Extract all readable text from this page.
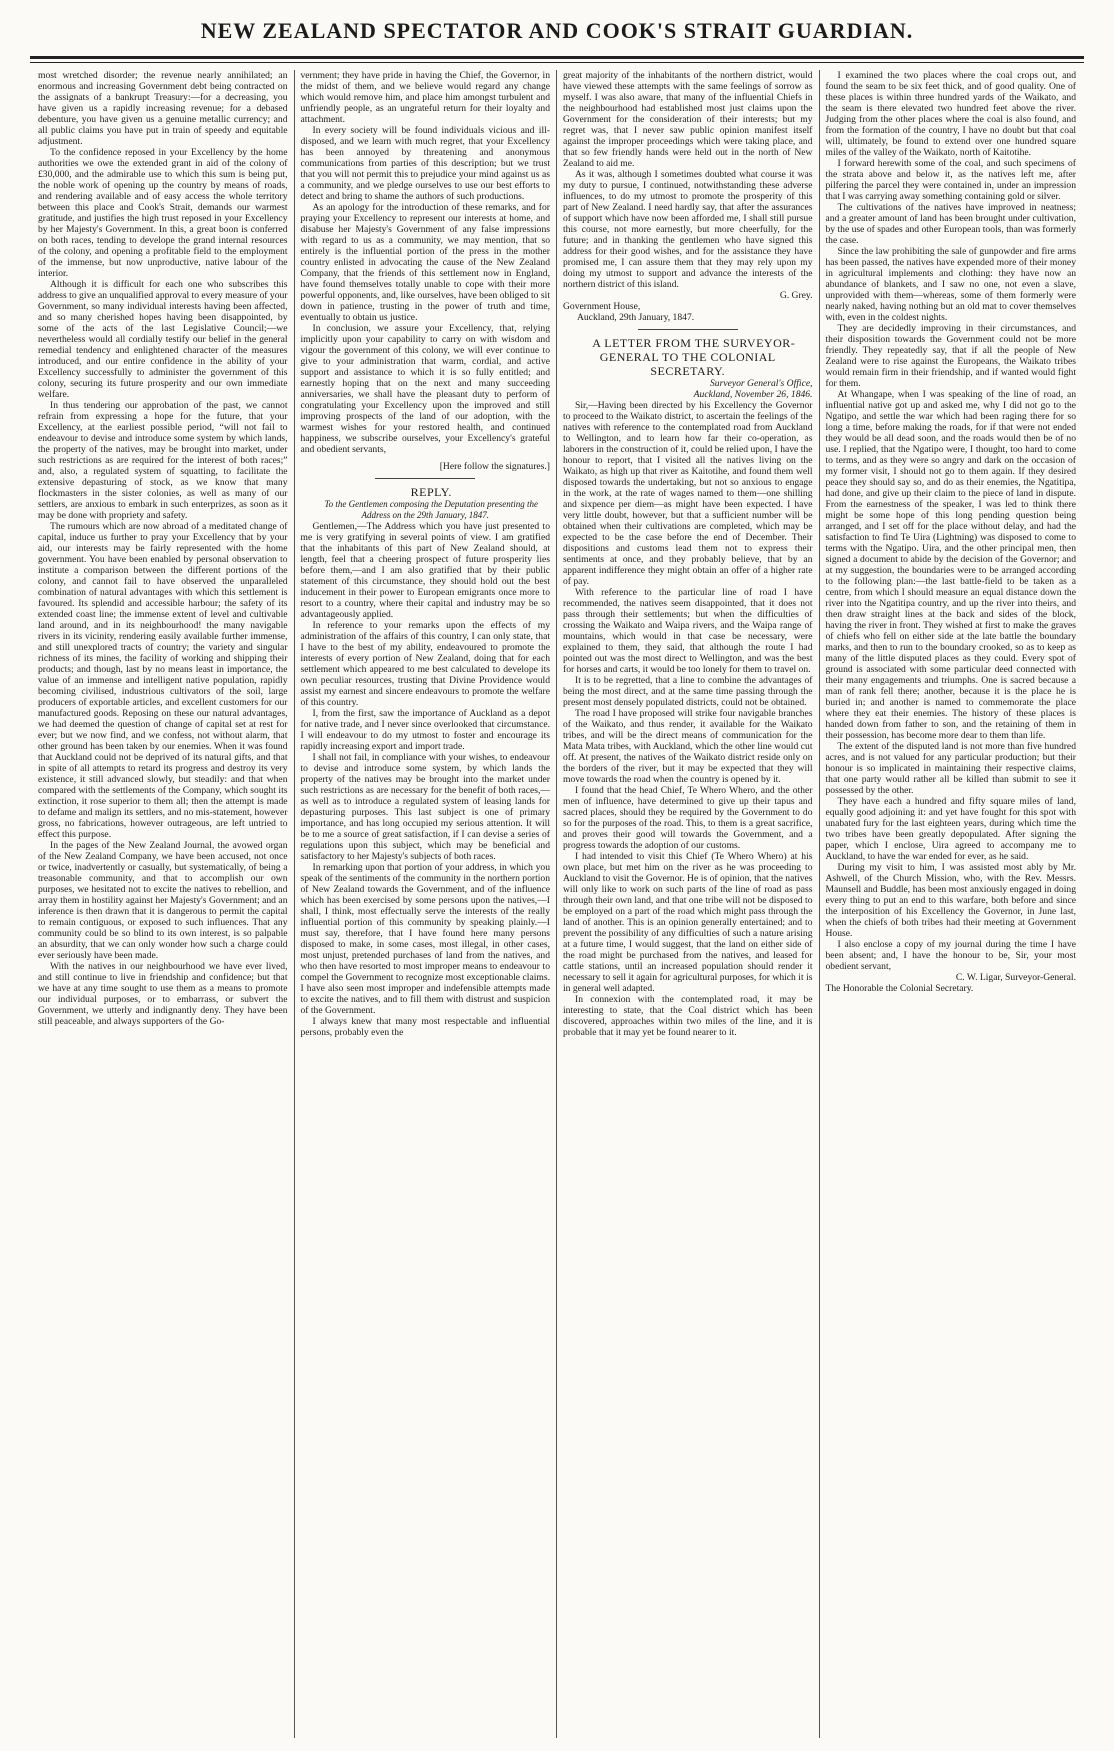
NEW ZEALAND SPECTATOR AND COOK'S STRAIT GUARDIAN.

most wretched disorder; the revenue nearly annihilated; an enormous and increasing Government debt being contracted on the assignats of a bankrupt Treasury:—for a decreasing, you have given us a rapidly increasing revenue; for a debased debenture, you have given us a genuine metallic currency; and all public claims you have put in train of speedy and equitable adjustment.

To the confidence reposed in your Excellency by the home authorities we owe the extended grant in aid of the colony of £30,000, and the admirable use to which this sum is being put, the noble work of opening up the country by means of roads, and rendering available and of easy access the whole territory between this place and Cook's Strait, demands our warmest gratitude, and justifies the high trust reposed in your Excellency by her Majesty's Government. In this, a great boon is conferred on both races, tending to develope the grand internal resources of the colony, and opening a profitable field to the employment of the immense, but now unproductive, native labour of the interior.

Although it is difficult for each one who subscribes this address to give an unqualified approval to every measure of your Government, so many individual interests having been affected, and so many cherished hopes having been disappointed, by some of the acts of the last Legislative Council;—we nevertheless would all cordially testify our belief in the general remedial tendency and enlightened character of the measures introduced, and our entire confidence in the ability of your Excellency successfully to administer the government of this colony, securing its future prosperity and our own immediate welfare.

In thus tendering our approbation of the past, we cannot refrain from expressing a hope for the future, that your Excellency, at the earliest possible period, “will not fail to endeavour to devise and introduce some system by which lands, the property of the natives, may be brought into market, under such restrictions as are required for the interest of both races;” and, also, a regulated system of squatting, to facilitate the extensive depasturing of stock, as we know that many flockmasters in the sister colonies, as well as many of our settlers, are anxious to embark in such enterprizes, as soon as it may be done with propriety and safety.

The rumours which are now abroad of a meditated change of capital, induce us further to pray your Excellency that by your aid, our interests may be fairly represented with the home government. You have been enabled by personal observation to institute a comparison between the different portions of the colony, and cannot fail to have observed the unparalleled combination of natural advantages with which this settlement is favoured. Its splendid and accessible harbour; the safety of its extended coast line; the immense extent of level and cultivable land around, and in its neighbourhood! the many navigable rivers in its vicinity, rendering easily available further immense, and still unexplored tracts of country; the variety and singular richness of its mines, the facility of working and shipping their products; and though, last by no means least in importance, the value of an immense and intelligent native population, rapidly becoming civilised, industrious cultivators of the soil, large producers of exportable articles, and excellent customers for our manufactured goods. Reposing on these our natural advantages, we had deemed the question of change of capital set at rest for ever; but we now find, and we confess, not without alarm, that other ground has been taken by our enemies. When it was found that Auckland could not be deprived of its natural gifts, and that in spite of all attempts to retard its progress and destroy its very existence, it still advanced slowly, but steadily: and that when compared with the settlements of the Company, which sought its extinction, it rose superior to them all; then the attempt is made to defame and malign its settlers, and no mis-statement, however gross, no fabrications, however outrageous, are left untried to effect this purpose.

In the pages of the New Zealand Journal, the avowed organ of the New Zealand Company, we have been accused, not once or twice, inadvertently or casually, but systematically, of being a treasonable community, and that to accomplish our own purposes, we hesitated not to excite the natives to rebellion, and array them in hostility against her Majesty's Government; and an inference is then drawn that it is dangerous to permit the capital to remain contiguous, or exposed to such influences. That any community could be so blind to its own interest, is so palpable an absurdity, that we can only wonder how such a charge could ever seriously have been made.

With the natives in our neighbourhood we have ever lived, and still continue to live in friendship and confidence; but that we have at any time sought to use them as a means to promote our individual purposes, or to embarrass, or subvert the Government, we utterly and indignantly deny. They have been still peaceable, and always supporters of the Go-

vernment; they have pride in having the Chief, the Governor, in the midst of them, and we believe would regard any change which would remove him, and place him amongst turbulent and unfriendly people, as an ungrateful return for their loyalty and attachment.

In every society will be found individuals vicious and ill-disposed, and we learn with much regret, that your Excellency has been annoyed by threatening and anonymous communications from parties of this description; but we trust that you will not permit this to prejudice your mind against us as a community, and we pledge ourselves to use our best efforts to detect and bring to shame the authors of such productions.

As an apology for the introduction of these remarks, and for praying your Excellency to represent our interests at home, and disabuse her Majesty's Government of any false impressions with regard to us as a community, we may mention, that so entirely is the influential portion of the press in the mother country enlisted in advocating the cause of the New Zealand Company, that the friends of this settlement now in England, have found themselves totally unable to cope with their more powerful opponents, and, like ourselves, have been obliged to sit down in patience, trusting in the power of truth and time, eventually to obtain us justice.

In conclusion, we assure your Excellency, that, relying implicitly upon your capability to carry on with wisdom and vigour the government of this colony, we will ever continue to give to your administration that warm, cordial, and active support and assistance to which it is so fully entitled; and earnestly hoping that on the next and many succeeding anniversaries, we shall have the pleasant duty to perform of congratulating your Excellency upon the improved and still improving prospects of the land of our adoption, with the warmest wishes for your restored health, and continued happiness, we subscribe ourselves, your Excellency's grateful and obedient servants,

[Here follow the signatures.]

REPLY.

To the Gentlemen composing the Deputation presenting the Address on the 29th January, 1847.

Gentlemen,—The Address which you have just presented to me is very gratifying in several points of view. I am gratified that the inhabitants of this part of New Zealand should, at length, feel that a cheering prospect of future prosperity lies before them,—and I am also gratified that by their public statement of this circumstance, they should hold out the best inducement in their power to European emigrants once more to resort to a country, where their capital and industry may be so advantageously applied.

In reference to your remarks upon the effects of my administration of the affairs of this country, I can only state, that I have to the best of my ability, endeavoured to promote the interests of every portion of New Zealand, doing that for each settlement which appeared to me best calculated to develope its own peculiar resources, trusting that Divine Providence would assist my earnest and sincere endeavours to promote the welfare of this country.

I, from the first, saw the importance of Auckland as a depot for native trade, and I never since overlooked that circumstance. I will endeavour to do my utmost to foster and encourage its rapidly increasing export and import trade.

I shall not fail, in compliance with your wishes, to endeavour to devise and introduce some system, by which lands the property of the natives may be brought into the market under such restrictions as are necessary for the benefit of both races,—as well as to introduce a regulated system of leasing lands for depasturing purposes. This last subject is one of primary importance, and has long occupied my serious attention. It will be to me a source of great satisfaction, if I can devise a series of regulations upon this subject, which may be beneficial and satisfactory to her Majesty's subjects of both races.

In remarking upon that portion of your address, in which you speak of the sentiments of the community in the northern portion of New Zealand towards the Government, and of the influence which has been exercised by some persons upon the natives,—I shall, I think, most effectually serve the interests of the really influential portion of this community by speaking plainly.—I must say, therefore, that I have found here many persons disposed to make, in some cases, most illegal, in other cases, most unjust, pretended purchases of land from the natives, and who then have resorted to most improper means to endeavour to compel the Government to recognize most exceptionable claims. I have also seen most improper and indefensible attempts made to excite the natives, and to fill them with distrust and suspicion of the Government.

I always knew that many most respectable and influential persons, probably even the

great majority of the inhabitants of the northern district, would have viewed these attempts with the same feelings of sorrow as myself. I was also aware, that many of the influential Chiefs in the neighbourhood had established most just claims upon the Government for the consideration of their interests; but my regret was, that I never saw public opinion manifest itself against the improper proceedings which were taking place, and that so few friendly hands were held out in the north of New Zealand to aid me.

As it was, although I sometimes doubted what course it was my duty to pursue, I continued, notwithstanding these adverse influences, to do my utmost to promote the prosperity of this part of New Zealand. I need hardly say, that after the assurances of support which have now been afforded me, I shall still pursue this course, not more earnestly, but more cheerfully, for the future; and in thanking the gentlemen who have signed this address for their good wishes, and for the assistance they have promised me, I can assure them that they may rely upon my doing my utmost to support and advance the interests of the northern district of this island.

G. Grey.

Government House,

Auckland, 29th January, 1847.

A LETTER FROM THE SURVEYOR-GENERAL TO THE COLONIAL SECRETARY.

Surveyor General's Office,

Auckland, November 26, 1846.

Sir,—Having been directed by his Excellency the Governor to proceed to the Waikato district, to ascertain the feelings of the natives with reference to the contemplated road from Auckland to Wellington, and to learn how far their co-operation, as laborers in the construction of it, could be relied upon, I have the honour to report, that I visited all the natives living on the Waikato, as high up that river as Kaitotihe, and found them well disposed towards the undertaking, but not so anxious to engage in the work, at the rate of wages named to them—one shilling and sixpence per diem—as might have been expected. I have very little doubt, however, but that a sufficient number will be obtained when their cultivations are completed, which may be expected to be the case before the end of December. Their dispositions and customs lead them not to express their sentiments at once, and they probably believe, that by an apparent indifference they might obtain an offer of a higher rate of pay.

With reference to the particular line of road I have recommended, the natives seem disappointed, that it does not pass through their settlements; but when the difficulties of crossing the Waikato and Waipa rivers, and the Waipa range of mountains, which would in that case be necessary, were explained to them, they said, that although the route I had pointed out was the most direct to Wellington, and was the best for horses and carts, it would be too lonely for them to travel on.

It is to be regretted, that a line to combine the advantages of being the most direct, and at the same time passing through the present most densely populated districts, could not be obtained.

The road I have proposed will strike four navigable branches of the Waikato, and thus render, it available for the Waikato tribes, and will be the direct means of communication for the Mata Mata tribes, with Auckland, which the other line would cut off. At present, the natives of the Waikato district reside only on the borders of the river, but it may be expected that they will move towards the road when the country is opened by it.

I found that the head Chief, Te Whero Whero, and the other men of influence, have determined to give up their tapus and sacred places, should they be required by the Government to do so for the purposes of the road. This, to them is a great sacrifice, and proves their good will towards the Government, and a progress towards the adoption of our customs.

I had intended to visit this Chief (Te Whero Whero) at his own place, but met him on the river as he was proceeding to Auckland to visit the Governor. He is of opinion, that the natives will only like to work on such parts of the line of road as pass through their own land, and that one tribe will not be disposed to be employed on a part of the road which might pass through the land of another. This is an opinion generally entertained; and to prevent the possibility of any difficulties of such a nature arising at a future time, I would suggest, that the land on either side of the road might be purchased from the natives, and leased for cattle stations, until an increased population should render it necessary to sell it again for agricultural purposes, for which it is in general well adapted.

In connexion with the contemplated road, it may be interesting to state, that the Coal district which has been discovered, approaches within two miles of the line, and it is probable that it may yet be found nearer to it.

I examined the two places where the coal crops out, and found the seam to be six feet thick, and of good quality. One of these places is within three hundred yards of the Waikato, and the seam is there elevated two hundred feet above the river. Judging from the other places where the coal is also found, and from the formation of the country, I have no doubt but that coal will, ultimately, be found to extend over one hundred square miles of the valley of the Waikato, north of Kaitotihe.

I forward herewith some of the coal, and such specimens of the strata above and below it, as the natives left me, after pilfering the parcel they were contained in, under an impression that I was carrying away something containing gold or silver.

The cultivations of the natives have improved in neatness; and a greater amount of land has been brought under cultivation, by the use of spades and other European tools, than was formerly the case.

Since the law prohibiting the sale of gunpowder and fire arms has been passed, the natives have expended more of their money in agricultural implements and clothing: they have now an abundance of blankets, and I saw no one, not even a slave, unprovided with them—whereas, some of them formerly were nearly naked, having nothing but an old mat to cover themselves with, even in the coldest nights.

They are decidedly improving in their circumstances, and their disposition towards the Government could not be more friendly. They repeatedly say, that if all the people of New Zealand were to rise against the Europeans, the Waikato tribes would remain firm in their friendship, and if wanted would fight for them.

At Whangape, when I was speaking of the line of road, an influential native got up and asked me, why I did not go to the Ngatipo, and settle the war which had been raging there for so long a time, before making the roads, for if that were not ended they would be all dead soon, and the roads would then be of no use. I replied, that the Ngatipo were, I thought, too hard to come to terms, and as they were so angry and dark on the occasion of my former visit, I should not go to them again. If they desired peace they should say so, and do as their enemies, the Ngatitipa, had done, and give up their claim to the piece of land in dispute. From the earnestness of the speaker, I was led to think there might be some hope of this long pending question being arranged, and I set off for the place without delay, and had the satisfaction to find Te Uira (Lightning) was disposed to come to terms with the Ngatipo. Uira, and the other principal men, then signed a document to abide by the decision of the Governor; and at my suggestion, the boundaries were to be arranged according to the following plan:—the last battle-field to be taken as a centre, from which I should measure an equal distance down the river into the Ngatitipa country, and up the river into theirs, and then draw straight lines at the back and sides of the block, having the river in front. They wished at first to make the graves of chiefs who fell on either side at the late battle the boundary marks, and then to run to the boundary crooked, so as to keep as many of the little disputed places as they could. Every spot of ground is associated with some particular deed connected with their many engagements and triumphs. One is sacred because a man of rank fell there; another, because it is the place he is buried in; and another is named to commemorate the place where they eat their enemies. The history of these places is handed down from father to son, and the retaining of them in their possession, has become more dear to them than life.

The extent of the disputed land is not more than five hundred acres, and is not valued for any particular production; but their honour is so implicated in maintaining their respective claims, that one party would rather all be killed than submit to see it possessed by the other.

They have each a hundred and fifty square miles of land, equally good adjoining it: and yet have fought for this spot with unabated fury for the last eighteen years, during which time the two tribes have been greatly depopulated. After signing the paper, which I enclose, Uira agreed to accompany me to Auckland, to have the war ended for ever, as he said.

During my visit to him, I was assisted most ably by Mr. Ashwell, of the Church Mission, who, with the Rev. Messrs. Maunsell and Buddle, has been most anxiously engaged in doing every thing to put an end to this warfare, both before and since the interposition of his Excellency the Governor, in June last, when the chiefs of both tribes had their meeting at Government House.

I also enclose a copy of my journal during the time I have been absent; and, I have the honour to be, Sir, your most obedient servant,

C. W. Ligar, Surveyor-General.

The Honorable the Colonial Secretary.
